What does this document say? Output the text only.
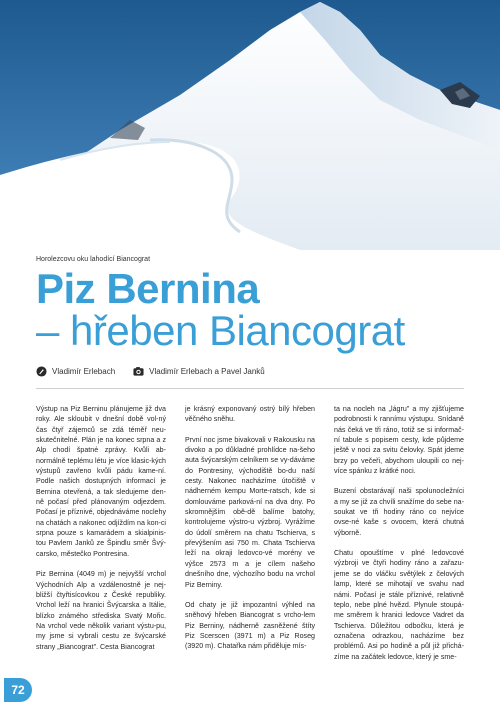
Horolezcovu oku lahodící Biancograt
Piz Bernina
– hřeben Biancograt
Vladimír Erlebach	Vladimír Erlebach a Pavel Janků

Výstup na Piz Berninu plánujeme již dva roky. Ale skloubit v dnešní době vol-ný čas čtyř zájemců se zdá téměř neu-skutečnitelné. Plán je na konec srpna a z Alp chodí špatné zprávy. Kvůli ab-normálně teplému létu je více klasic-kých výstupů zavřeno kvůli pádu kame-ní. Podle našich dostupných informací je Bernina otevřená, a tak sledujeme den-ně počasí před plánovaným odjezdem. Počasí je příznivé, objednáváme noclehy na chatách a nakonec odjíždím na kon-ci srpna pouze s kamarádem a skialpinis-tou Pavlem Janků ze Špindlu směr Švý-carsko, městečko Pontresina.

Piz Bernina (4049 m) je nejvyšší vrchol Východních Alp a vzdálenostně je nej-bližší čtyřtisícovkou z České republiky. Vrchol leží na hranici Švýcarska a Itálie, blízko známého střediska Svatý Mořic. Na vrchol vede několik variant výstu-pu, my jsme si vybrali cestu ze švýcarské strany „Biancograt". Cesta Biancograt

je krásný exponovaný ostrý bílý hřeben věčného sněhu.

První noc jsme bivakovali v Rakousku na divoko a po důkladné prohlídce na-šeho auta švýcarským celníkem se vy-dáváme do Pontresiny, východiště bo-du naší cesty. Nakonec nacházíme útočiště v nádherném kempu Morte-ratsch, kde si domlouváme parková-ní na dva dny. Po skromnějším obě-dě balíme batohy, kontrolujeme výstro-u výzbroj. Vyrážíme do údolí směrem na chatu Tschierva, s převýšením asi 750 m. Chata Tschierva leží na okraji ledovco-vé morény ve výšce 2573 m a je cílem našeho dnešního dne, výchozího bodu na vrchol Piz Berniny.

Od chaty je již impozantní výhled na sněhový hřeben Biancograt s vrcho-lem Piz Berniny, nádherně zasněžené štíty Piz Scerscen (3971 m) a Piz Roseg (3920 m). Chatařka nám přiděluje mís-

ta na nocleh na „lágru" a my zjišťujeme podrobnosti k rannímu výstupu. Snídaně nás čeká ve tři ráno, totiž se si informač-ní tabule s popisem cesty, kde půjdeme ještě v noci za svitu čelovky. Spát jdeme brzy po večeři, abychom uloupili co nej-více spánku z krátké noci.

Buzení obstarávají naši spolunocležníci a my se již za chvíli snažíme do sebe na-soukat ve tři hodiny ráno co nejvíce ovse-né kaše s ovocem, která chutná výborně.

Chatu opouštíme v plné ledovcové výzbroji ve čtyři hodiny ráno a zařazu-jeme se do vláčku světýlek z čelových lamp, které se mihotají ve svahu nad námi. Počasí je stále příznivé, relativně teplo, nebe plné hvězd. Plynule stoupá-me směrem k hranici ledovce Vadret da Tschierva. Důležitou odbočku, která je označena odrazkou, nacházíme bez problémů. Asi po hodině a půl již přichá-zíme na začátek ledovce, který je sme-

72
